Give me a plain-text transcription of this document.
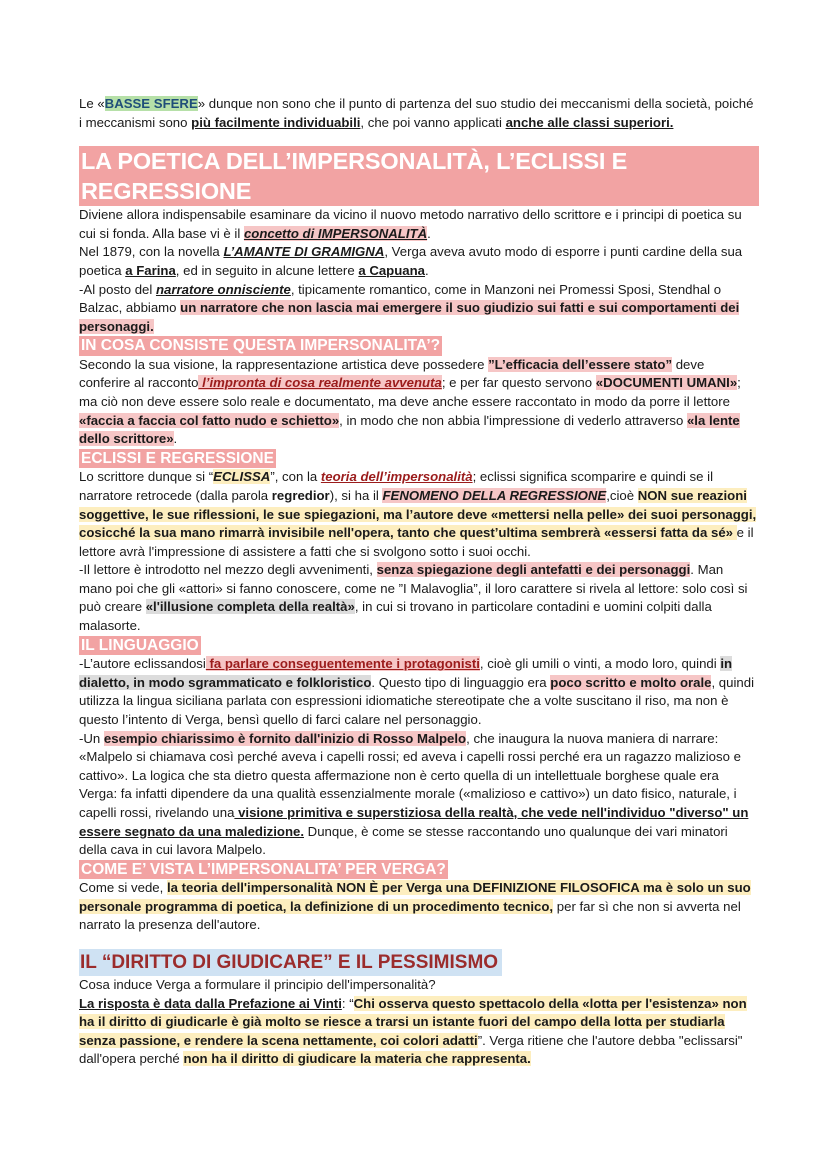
Le «BASSE SFERE» dunque non sono che il punto di partenza del suo studio dei meccanismi della società, poiché i meccanismi sono più facilmente individuabili, che poi vanno applicati anche alle classi superiori.

LA POETICA DELL’IMPERSONALITÀ, L’ECLISSI E REGRESSIONE

Diviene allora indispensabile esaminare da vicino il nuovo metodo narrativo dello scrittore e i principi di poetica su cui si fonda. Alla base vi è il concetto di IMPERSONALITÀ.

Nel 1879, con la novella L’AMANTE DI GRAMIGNA, Verga aveva avuto modo di esporre i punti cardine della sua poetica a Farina, ed in seguito in alcune lettere a Capuana.

-Al posto del narratore onnisciente, tipicamente romantico, come in Manzoni nei Promessi Sposi, Stendhal o Balzac, abbiamo un narratore che non lascia mai emergere il suo giudizio sui fatti e sui comportamenti dei personaggi.

IN COSA CONSISTE QUESTA IMPERSONALITA’?

Secondo la sua visione, la rappresentazione artistica deve possedere ”L’efficacia dell’essere stato” deve conferire al racconto l’impronta di cosa realmente avvenuta; e per far questo servono «DOCUMENTI UMANI»; ma ciò non deve essere solo reale e documentato, ma deve anche essere raccontato in modo da porre il lettore «faccia a faccia col fatto nudo e schietto», in modo che non abbia l'impressione di vederlo attraverso «la lente dello scrittore».

ECLISSI E REGRESSIONE

Lo scrittore dunque si “ECLISSA”, con la teoria dell’impersonalità; eclissi significa scomparire e quindi se il narratore retrocede (dalla parola regredior), si ha il FENOMENO DELLA REGRESSIONE,cioè NON sue reazioni soggettive, le sue riflessioni, le sue spiegazioni, ma l’autore deve «mettersi nella pelle» dei suoi personaggi, cosicché la sua mano rimarrà invisibile nell'opera, tanto che quest’ultima sembrerà «essersi fatta da sé» e il lettore avrà l'impressione di assistere a fatti che si svolgono sotto i suoi occhi.

-Il lettore è introdotto nel mezzo degli avvenimenti, senza spiegazione degli antefatti e dei personaggi. Man mano poi che gli «attori» si fanno conoscere, come ne ”I Malavoglia”, il loro carattere si rivela al lettore: solo così si può creare «l'illusione completa della realtà», in cui si trovano in particolare contadini e uomini colpiti dalla malasorte.

IL LINGUAGGIO

-L’autore eclissandosi fa parlare conseguentemente i protagonisti, cioè gli umili o vinti, a modo loro, quindi in dialetto, in modo sgrammaticato e folkloristico. Questo tipo di linguaggio era poco scritto e molto orale, quindi utilizza la lingua siciliana parlata con espressioni idiomatiche stereotipate che a volte suscitano il riso, ma non è questo l’intento di Verga, bensì quello di farci calare nel personaggio.

-Un esempio chiarissimo è fornito dall'inizio di Rosso Malpelo, che inaugura la nuova maniera di narrare: «Malpelo si chiamava così perché aveva i capelli rossi; ed aveva i capelli rossi perché era un ragazzo malizioso e cattivo». La logica che sta dietro questa affermazione non è certo quella di un intellettuale borghese quale era Verga: fa infatti dipendere da una qualità essenzialmente morale («malizioso e cattivo») un dato fisico, naturale, i capelli rossi, rivelando una visione primitiva e superstiziosa della realtà, che vede nell'individuo "diverso" un essere segnato da una maledizione. Dunque, è come se stesse raccontando uno qualunque dei vari minatori della cava in cui lavora Malpelo.

COME E’ VISTA L’IMPERSONALITA’ PER VERGA?

Come si vede, la teoria dell'impersonalità NON È per Verga una DEFINIZIONE FILOSOFICA ma è solo un suo personale programma di poetica, la definizione di un procedimento tecnico, per far sì che non si avverta nel narrato la presenza dell'autore.

IL “DIRITTO DI GIUDICARE” E IL PESSIMISMO

Cosa induce Verga a formulare il principio dell'impersonalità?

La risposta è data dalla Prefazione ai Vinti: “Chi osserva questo spettacolo della «lotta per l'esistenza» non ha il diritto di giudicarle è già molto se riesce a trarsi un istante fuori del campo della lotta per studiarla senza passione, e rendere la scena nettamente, coi colori adatti”. Verga ritiene che l'autore debba "eclissarsi" dall'opera perché non ha il diritto di giudicare la materia che rappresenta.
